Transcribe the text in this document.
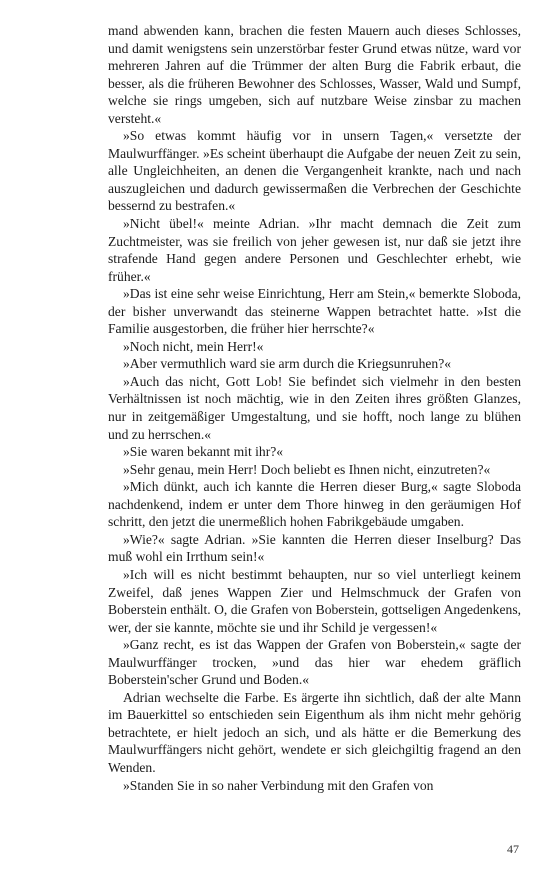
mand abwenden kann, brachen die festen Mauern auch dieses Schlosses, und damit wenigstens sein unzerstörbar fester Grund etwas nütze, ward vor mehreren Jahren auf die Trümmer der alten Burg die Fabrik erbaut, die besser, als die früheren Bewohner des Schlosses, Wasser, Wald und Sumpf, welche sie rings umgeben, sich auf nutzbare Weise zinsbar zu machen versteht.«

»So etwas kommt häufig vor in unsern Tagen,« versetzte der Maulwurffänger. »Es scheint überhaupt die Aufgabe der neuen Zeit zu sein, alle Ungleichheiten, an denen die Vergangenheit krankte, nach und nach auszugleichen und dadurch gewissermaßen die Verbrechen der Geschichte bessernd zu bestrafen.«

»Nicht übel!« meinte Adrian. »Ihr macht demnach die Zeit zum Zuchtmeister, was sie freilich von jeher gewesen ist, nur daß sie jetzt ihre strafende Hand gegen andere Personen und Geschlechter erhebt, wie früher.«

»Das ist eine sehr weise Einrichtung, Herr am Stein,« bemerkte Sloboda, der bisher unverwandt das steinerne Wappen betrachtet hatte. »Ist die Familie ausgestorben, die früher hier herrschte?«

»Noch nicht, mein Herr!«

»Aber vermuthlich ward sie arm durch die Kriegsunruhen?«

»Auch das nicht, Gott Lob! Sie befindet sich vielmehr in den besten Verhältnissen ist noch mächtig, wie in den Zeiten ihres größten Glanzes, nur in zeitgemäßiger Umgestaltung, und sie hofft, noch lange zu blühen und zu herrschen.«

»Sie waren bekannt mit ihr?«

»Sehr genau, mein Herr! Doch beliebt es Ihnen nicht, einzutreten?«

»Mich dünkt, auch ich kannte die Herren dieser Burg,« sagte Sloboda nachdenkend, indem er unter dem Thore hinweg in den geräumigen Hof schritt, den jetzt die unermeßlich hohen Fabrikgebäude umgaben.

»Wie?« sagte Adrian. »Sie kannten die Herren dieser Inselburg? Das muß wohl ein Irrthum sein!«

»Ich will es nicht bestimmt behaupten, nur so viel unterliegt keinem Zweifel, daß jenes Wappen Zier und Helmschmuck der Grafen von Boberstein enthält. O, die Grafen von Boberstein, gottseligen Angedenkens, wer, der sie kannte, möchte sie und ihr Schild je vergessen!«

»Ganz recht, es ist das Wappen der Grafen von Boberstein,« sagte der Maulwurffänger trocken, »und das hier war ehedem gräflich Boberstein'scher Grund und Boden.«

Adrian wechselte die Farbe. Es ärgerte ihn sichtlich, daß der alte Mann im Bauerkittel so entschieden sein Eigenthum als ihm nicht mehr gehörig betrachtete, er hielt jedoch an sich, und als hätte er die Bemerkung des Maulwurffängers nicht gehört, wendete er sich gleichgiltig fragend an den Wenden.

»Standen Sie in so naher Verbindung mit den Grafen von

47
